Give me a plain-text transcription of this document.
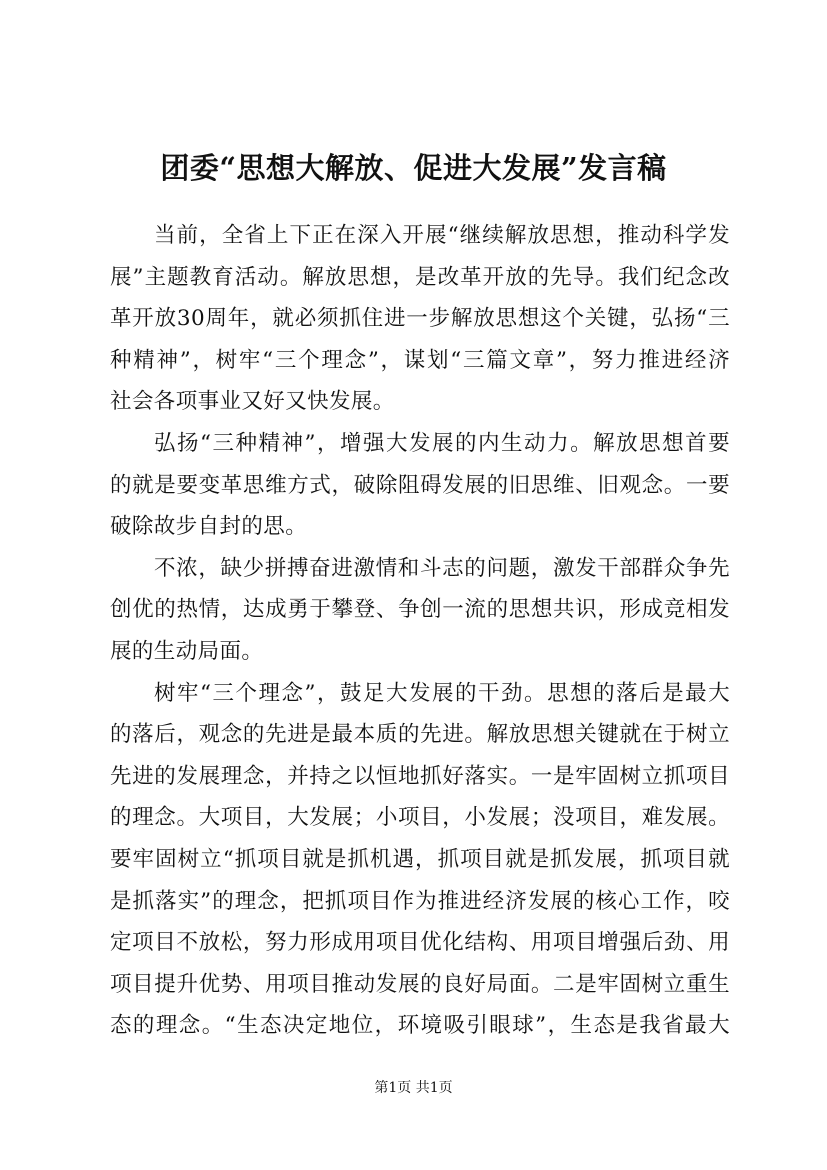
团委“思想大解放、促进大发展”发言稿
当前，全省上下正在深入开展“继续解放思想，推动科学发
展”主题教育活动。解放思想，是改革开放的先导。我们纪念改
革开放30周年，就必须抓住进一步解放思想这个关键，弘扬“三
种精神”，树牢“三个理念”，谋划“三篇文章”，努力推进经济
社会各项事业又好又快发展。
弘扬“三种精神”，增强大发展的内生动力。解放思想首要
的就是要变革思维方式，破除阻碍发展的旧思维、旧观念。一要
破除故步自封的思。
不浓，缺少拼搏奋进激情和斗志的问题，激发干部群众争先
创优的热情，达成勇于攀登、争创一流的思想共识，形成竞相发
展的生动局面。
树牢“三个理念”，鼓足大发展的干劲。思想的落后是最大
的落后，观念的先进是最本质的先进。解放思想关键就在于树立
先进的发展理念，并持之以恒地抓好落实。一是牢固树立抓项目
的理念。大项目，大发展；小项目，小发展；没项目，难发展。
要牢固树立“抓项目就是抓机遇，抓项目就是抓发展，抓项目就
是抓落实”的理念，把抓项目作为推进经济发展的核心工作，咬
定项目不放松，努力形成用项目优化结构、用项目增强后劲、用
项目提升优势、用项目推动发展的良好局面。二是牢固树立重生
态的理念。“生态决定地位，环境吸引眼球”，生态是我省最大
第1页 共1页
